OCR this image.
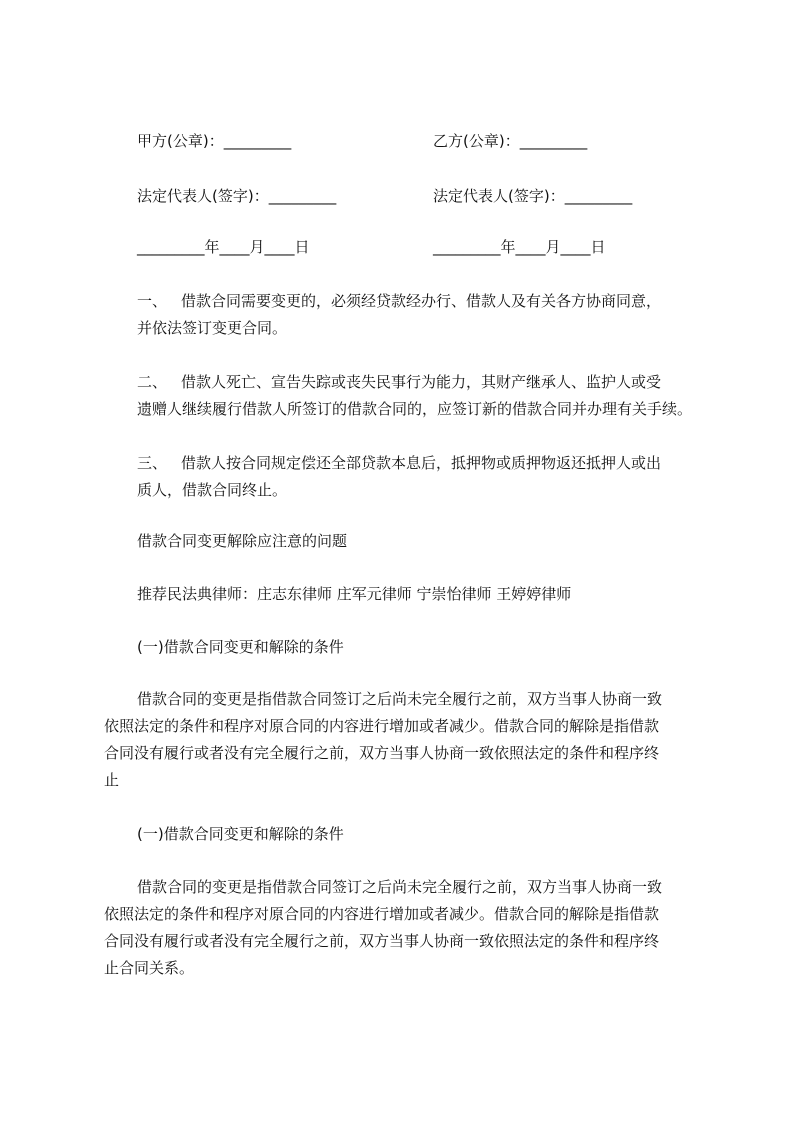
甲方(公章)：_________	乙方(公章)：_________
法定代表人(签字)：_________	法定代表人(签字)：_________
_________年____月____日	_________年____月____日
一、 借款合同需要变更的，必须经贷款经办行、借款人及有关各方协商同意，
并依法签订变更合同。
二、 借款人死亡、宣告失踪或丧失民事行为能力，其财产继承人、监护人或受
遗赠人继续履行借款人所签订的借款合同的，应签订新的借款合同并办理有关手续。
三、 借款人按合同规定偿还全部贷款本息后，抵押物或质押物返还抵押人或出
质人，借款合同终止。
借款合同变更解除应注意的问题
推荐民法典律师：庄志东律师 庄军元律师 宁崇怡律师 王婷婷律师
(一)借款合同变更和解除的条件
借款合同的变更是指借款合同签订之后尚未完全履行之前，双方当事人协商一致
依照法定的条件和程序对原合同的内容进行增加或者减少。借款合同的解除是指借款
合同没有履行或者没有完全履行之前，双方当事人协商一致依照法定的条件和程序终
止
(一)借款合同变更和解除的条件
借款合同的变更是指借款合同签订之后尚未完全履行之前，双方当事人协商一致
依照法定的条件和程序对原合同的内容进行增加或者减少。借款合同的解除是指借款
合同没有履行或者没有完全履行之前，双方当事人协商一致依照法定的条件和程序终
止合同关系。
